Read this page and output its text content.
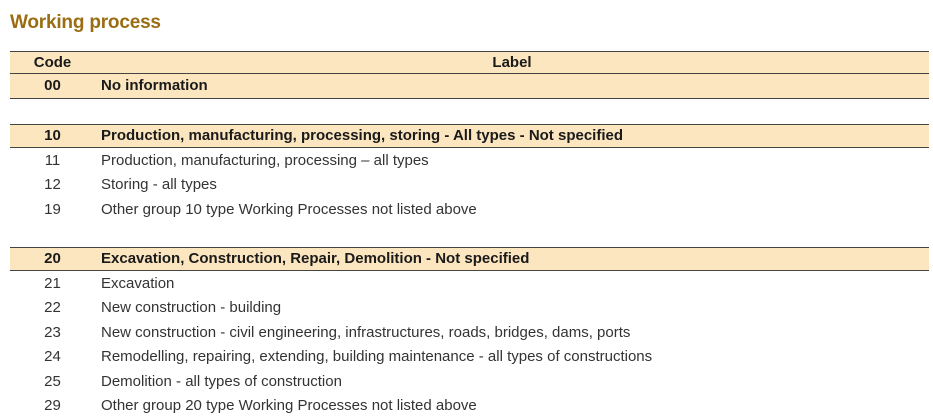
Working process
Code	Label
00	No information
10	Production, manufacturing, processing, storing - All types - Not specified
11	Production, manufacturing, processing – all types
12	Storing - all types
19	Other group 10 type Working Processes not listed above
20	Excavation, Construction, Repair, Demolition - Not specified
21	Excavation
22	New construction - building
23	New construction - civil engineering, infrastructures, roads, bridges, dams, ports
24	Remodelling, repairing, extending, building maintenance - all types of constructions
25	Demolition - all types of construction
29	Other group 20 type Working Processes not listed above
